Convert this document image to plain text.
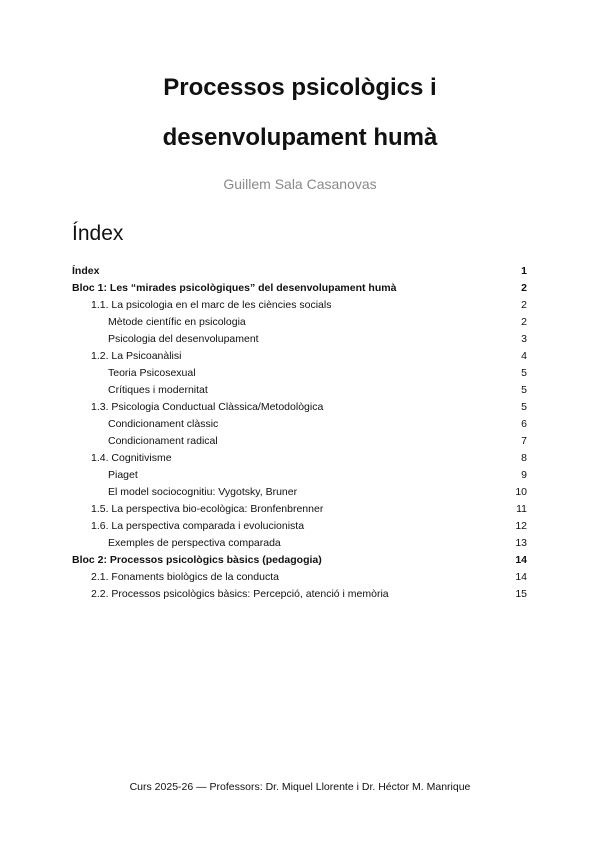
Processos psicològics i
desenvolupament humà
Guillem Sala Casanovas
Índex
Índex	1
Bloc 1: Les “mirades psicològiques” del desenvolupament humà	2
1.1. La psicologia en el marc de les ciències socials	2
Mètode científic en psicologia	2
Psicologia del desenvolupament	3
1.2. La Psicoanàlisi	4
Teoria Psicosexual	5
Crítiques i modernitat	5
1.3. Psicologia Conductual Clàssica/Metodològica	5
Condicionament clàssic	6
Condicionament radical	7
1.4. Cognitivisme	8
Piaget	9
El model sociocognitiu: Vygotsky, Bruner	10
1.5. La perspectiva bio-ecològica: Bronfenbrenner	11
1.6. La perspectiva comparada i evolucionista	12
Exemples de perspectiva comparada	13
Bloc 2: Processos psicològics bàsics (pedagogia)	14
2.1. Fonaments biològics de la conducta	14
2.2. Processos psicològics bàsics: Percepció, atenció i memòria	15
Curs 2025-26 — Professors: Dr. Miquel Llorente i Dr. Héctor M. Manrique
